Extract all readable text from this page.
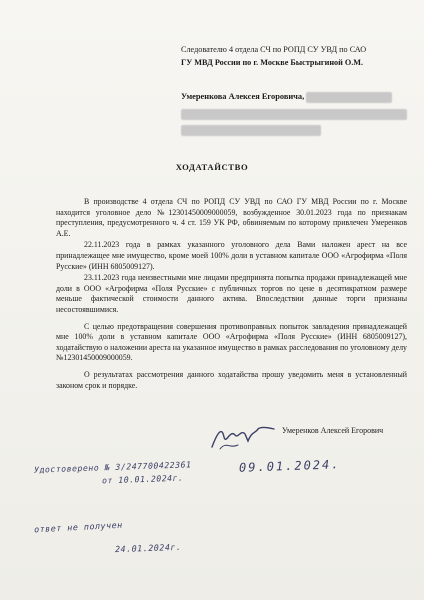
Следователю 4 отдела СЧ по РОПД СУ УВД по САО
ГУ МВД России по г. Москве Быстрыгиной О.М.
Умеренкова Алексея Егоровича,
ХОДАТАЙСТВО

В производстве 4 отдела СЧ по РОПД СУ УВД по САО ГУ МВД России по г. Москве находится уголовное дело №12301450009000059, возбужденное 30.01.2023 года по признакам преступления, предусмотренного ч. 4 ст. 159 УК РФ, обвиняемым по которому привлечен Умеренков А.Е.

22.11.2023 года в рамках указанного уголовного дела Вами наложен арест на все принадлежащее мне имущество, кроме моей 100% доли в уставном капитале ООО «Агрофирма «Поля Русские» (ИНН 6805009127).

23.11.2023 года неизвестными мне лицами предпринята попытка продажи принадлежащей мне доли в ООО «Агрофирма «Поля Русские» с публичных торгов по цене в десятикратном размере меньше фактической стоимости данного актива. Впоследствии данные торги признаны несостоявшимися.

С целью предотвращения совершения противоправных попыток завладения принадлежащей мне 100% доли в уставном капитале ООО «Агрофирма «Поля Русские» (ИНН 6805009127), ходатайствую о наложении ареста на указанное имущество в рамках расследования по уголовному делу №12301450009000059.

О результатах рассмотрения данного ходатайства прошу уведомить меня в установленный законом срок и порядке.

Умеренков Алексей Егорович
Удостоверено № 3/247700422361
от 10.01.2024г.
09.01.2024.
ответ не получен
24.01.2024г.
